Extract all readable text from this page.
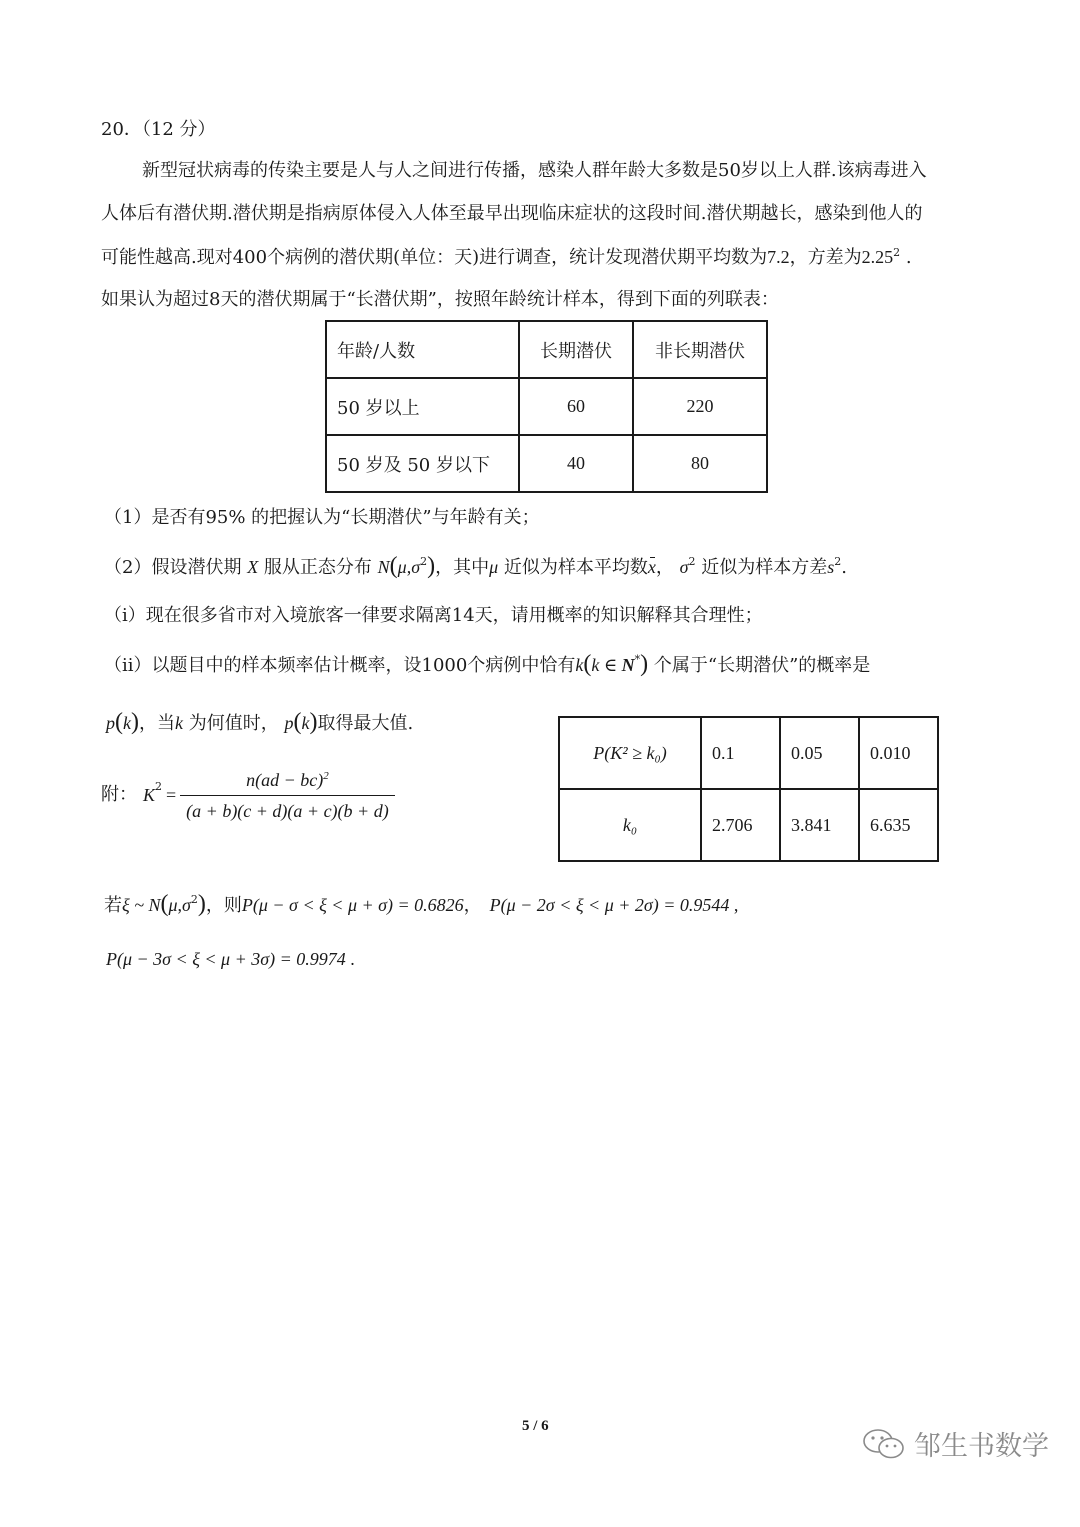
20．（12 分）
新型冠状病毒的传染主要是人与人之间进行传播，感染人群年龄大多数是50岁以上人群.该病毒进入
人体后有潜伏期.潜伏期是指病原体侵入人体至最早出现临床症状的这段时间.潜伏期越长，感染到他人的
可能性越高.现对400个病例的潜伏期(单位：天)进行调查，统计发现潜伏期平均数为7.2，方差为2.25$^2$ .
如果认为超过8天的潜伏期属于“长潜伏期”，按照年龄统计样本，得到下面的列联表：
年龄/人数	长期潜伏	非长期潜伏
50 岁以上	60	220
50 岁及 50 岁以下	40	80
（1）是否有95% 的把握认为“长期潜伏”与年龄有关；
（2）假设潜伏期 X 服从正态分布 $N(\mu,\sigma^2)$，其中μ 近似为样本平均数x， $\sigma^2$ 近似为样本方差$s^2$.
（i）现在很多省市对入境旅客一律要求隔离14天，请用概率的知识解释其合理性；
（ii）以题目中的样本频率估计概率，设1000个病例中恰有k(k ∈ N*) 个属于“长期潜伏”的概率是
p(k)，当k 为何值时， p(k)取得最大值.
附： $K^2 = \frac{n(ad - bc)^2}{(a + b)(c + d)(a + c)(b + d)}$
P(K² ≥ k₀)	0.1	0.05	0.010
k₀	2.706	3.841	6.635
若ξ ~ $N(\mu,\sigma^2)$，则P(μ − σ < ξ < μ + σ) = 0.6826， P(μ − 2σ < ξ < μ + 2σ) = 0.9544 ,
P(μ − 3σ < ξ < μ + 3σ) = 0.9974 .
5 / 6
邹生书数学
